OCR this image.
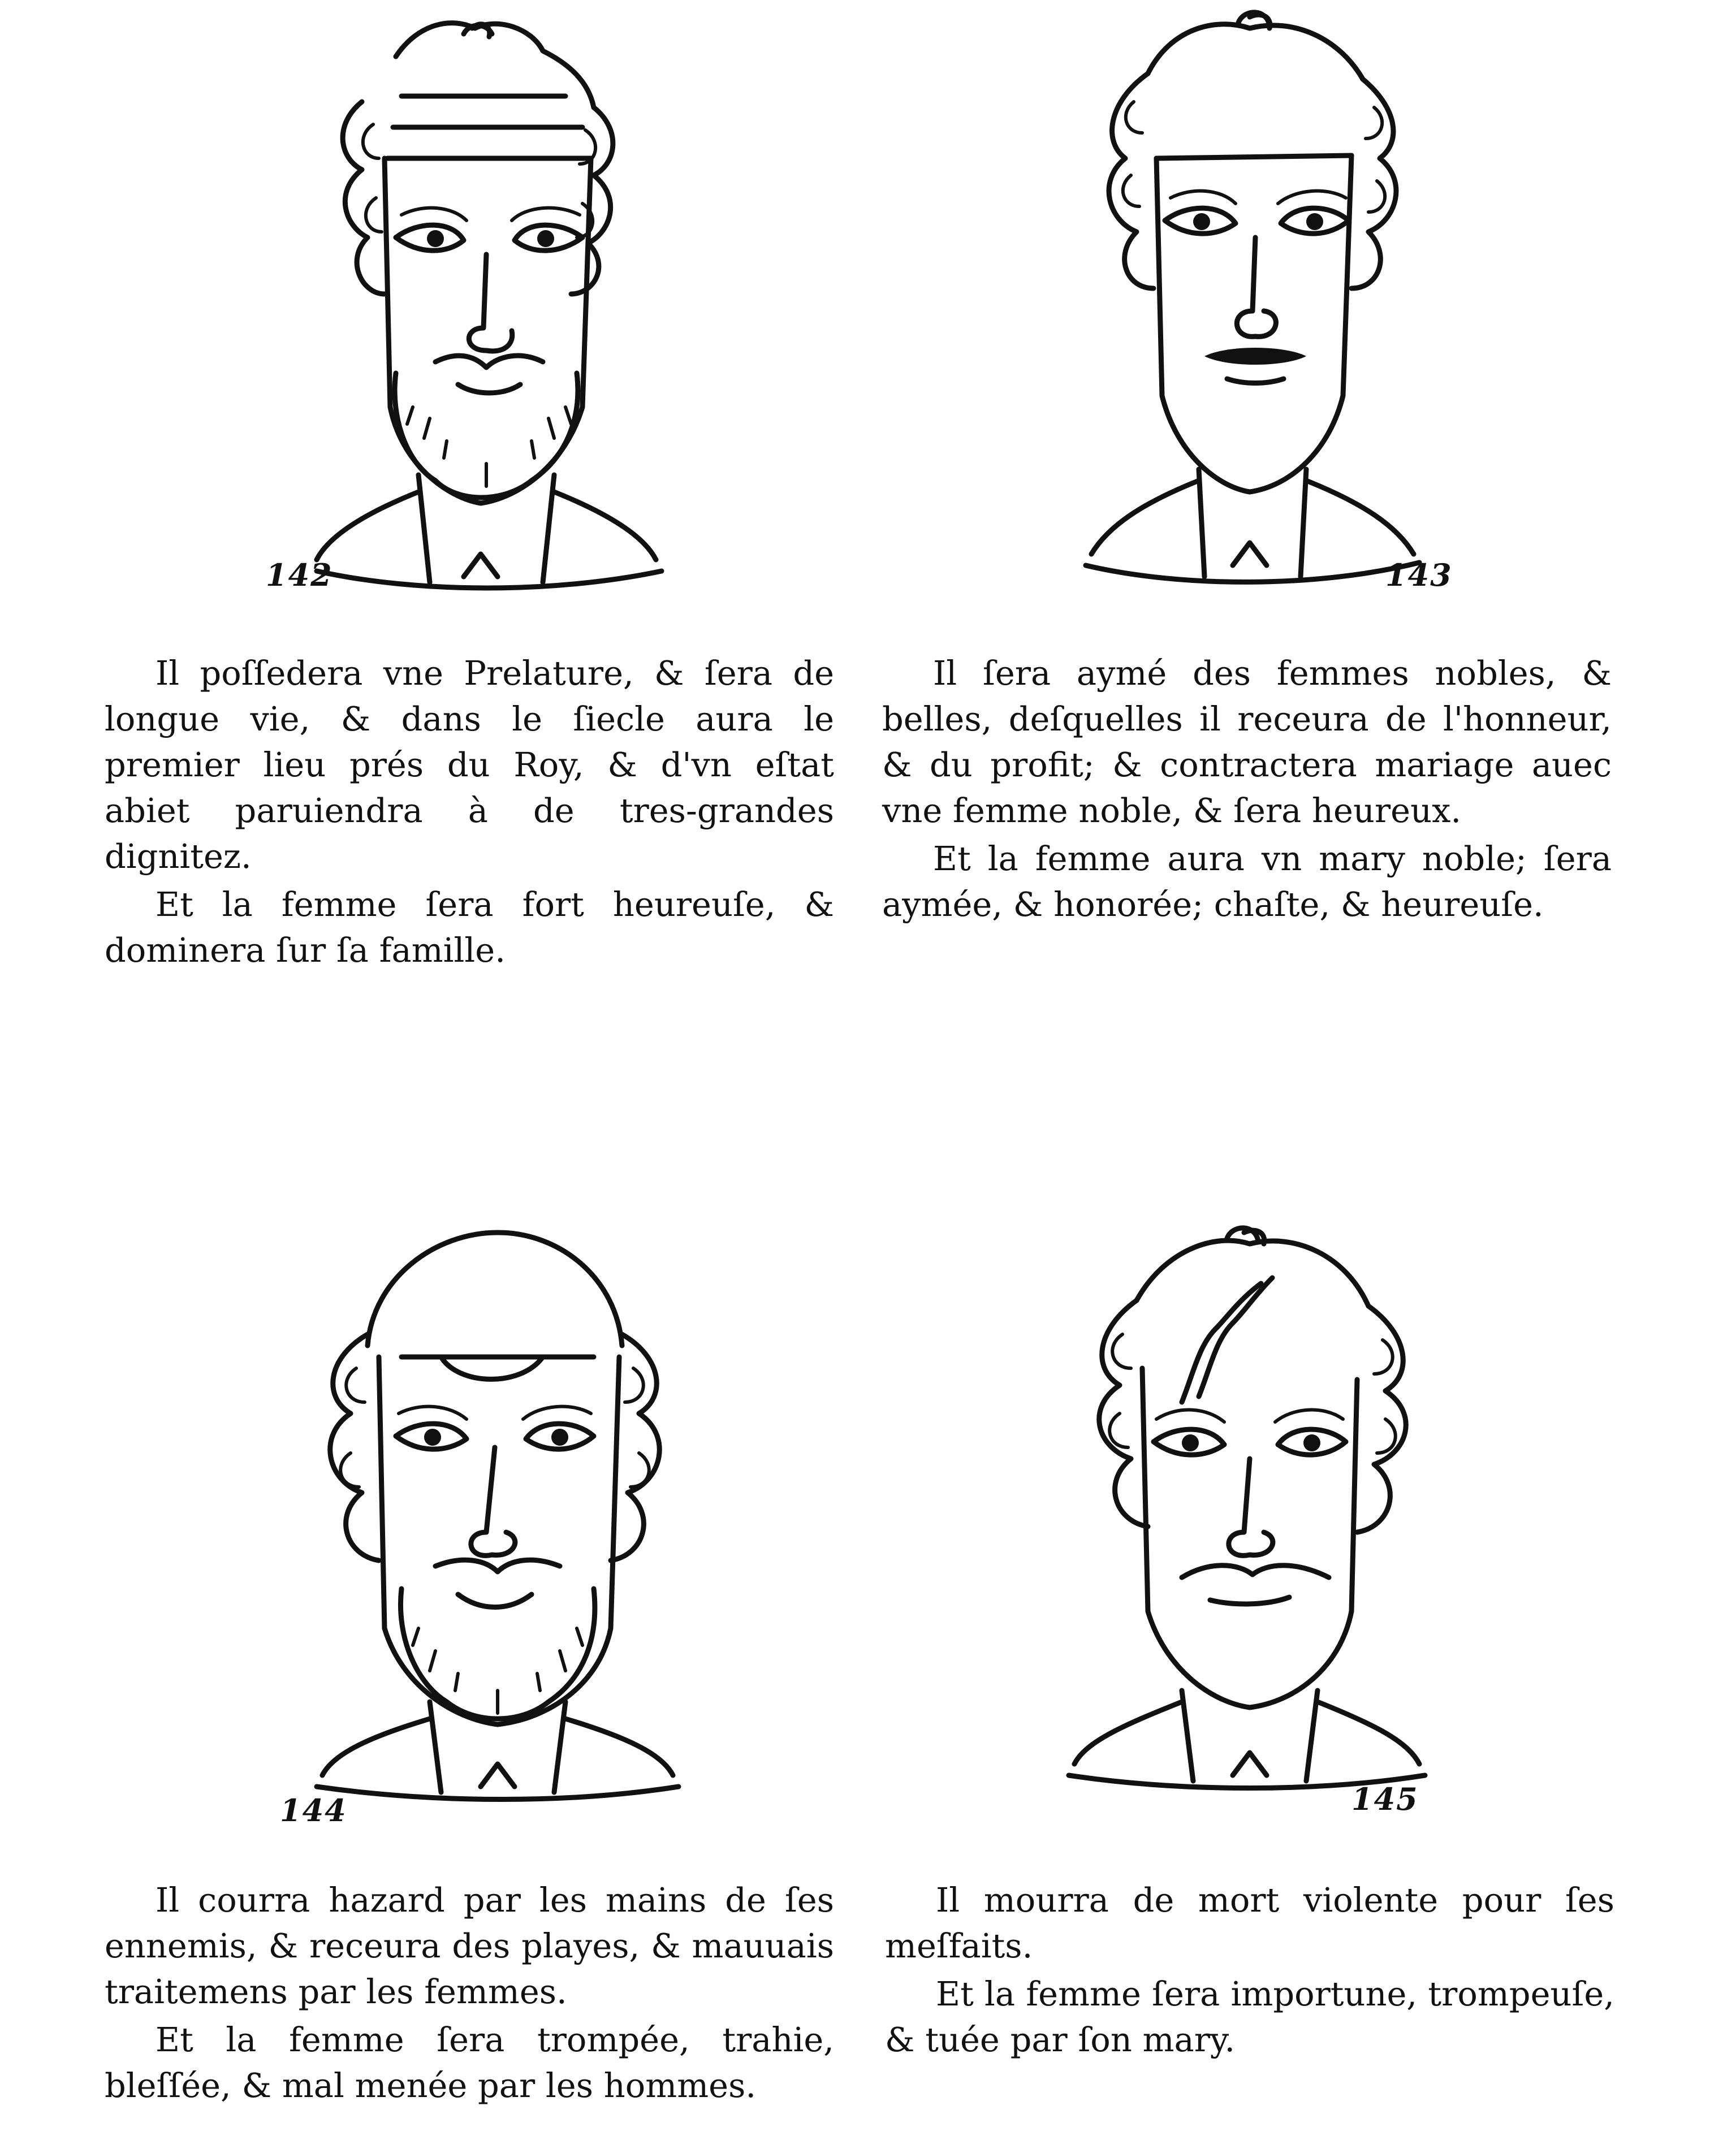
142

Il poſſedera vne Prelature, & ſera de longue vie, & dans le ſiecle aura le premier lieu prés du Roy, & d'vn eſtat abiet paruiendra à de tres-grandes dignitez.

Et la femme ſera fort heureuſe, & dominera ſur ſa famille.

143

Il ſera aymé des femmes nobles, & belles, deſquelles il receura de l'honneur, & du profit; & contractera mariage auec vne femme noble, & ſera heureux.

Et la femme aura vn mary noble; ſera aymée, & honorée; chaſte, & heureuſe.

144

Il courra hazard par les mains de ſes ennemis, & receura des playes, & mauuais traitemens par les femmes.

Et la femme ſera trompée, trahie, bleſſée, & mal menée par les hommes.

145

Il mourra de mort violente pour ſes meſfaits.

Et la femme ſera importune, trompeuſe, & tuée par ſon mary.
